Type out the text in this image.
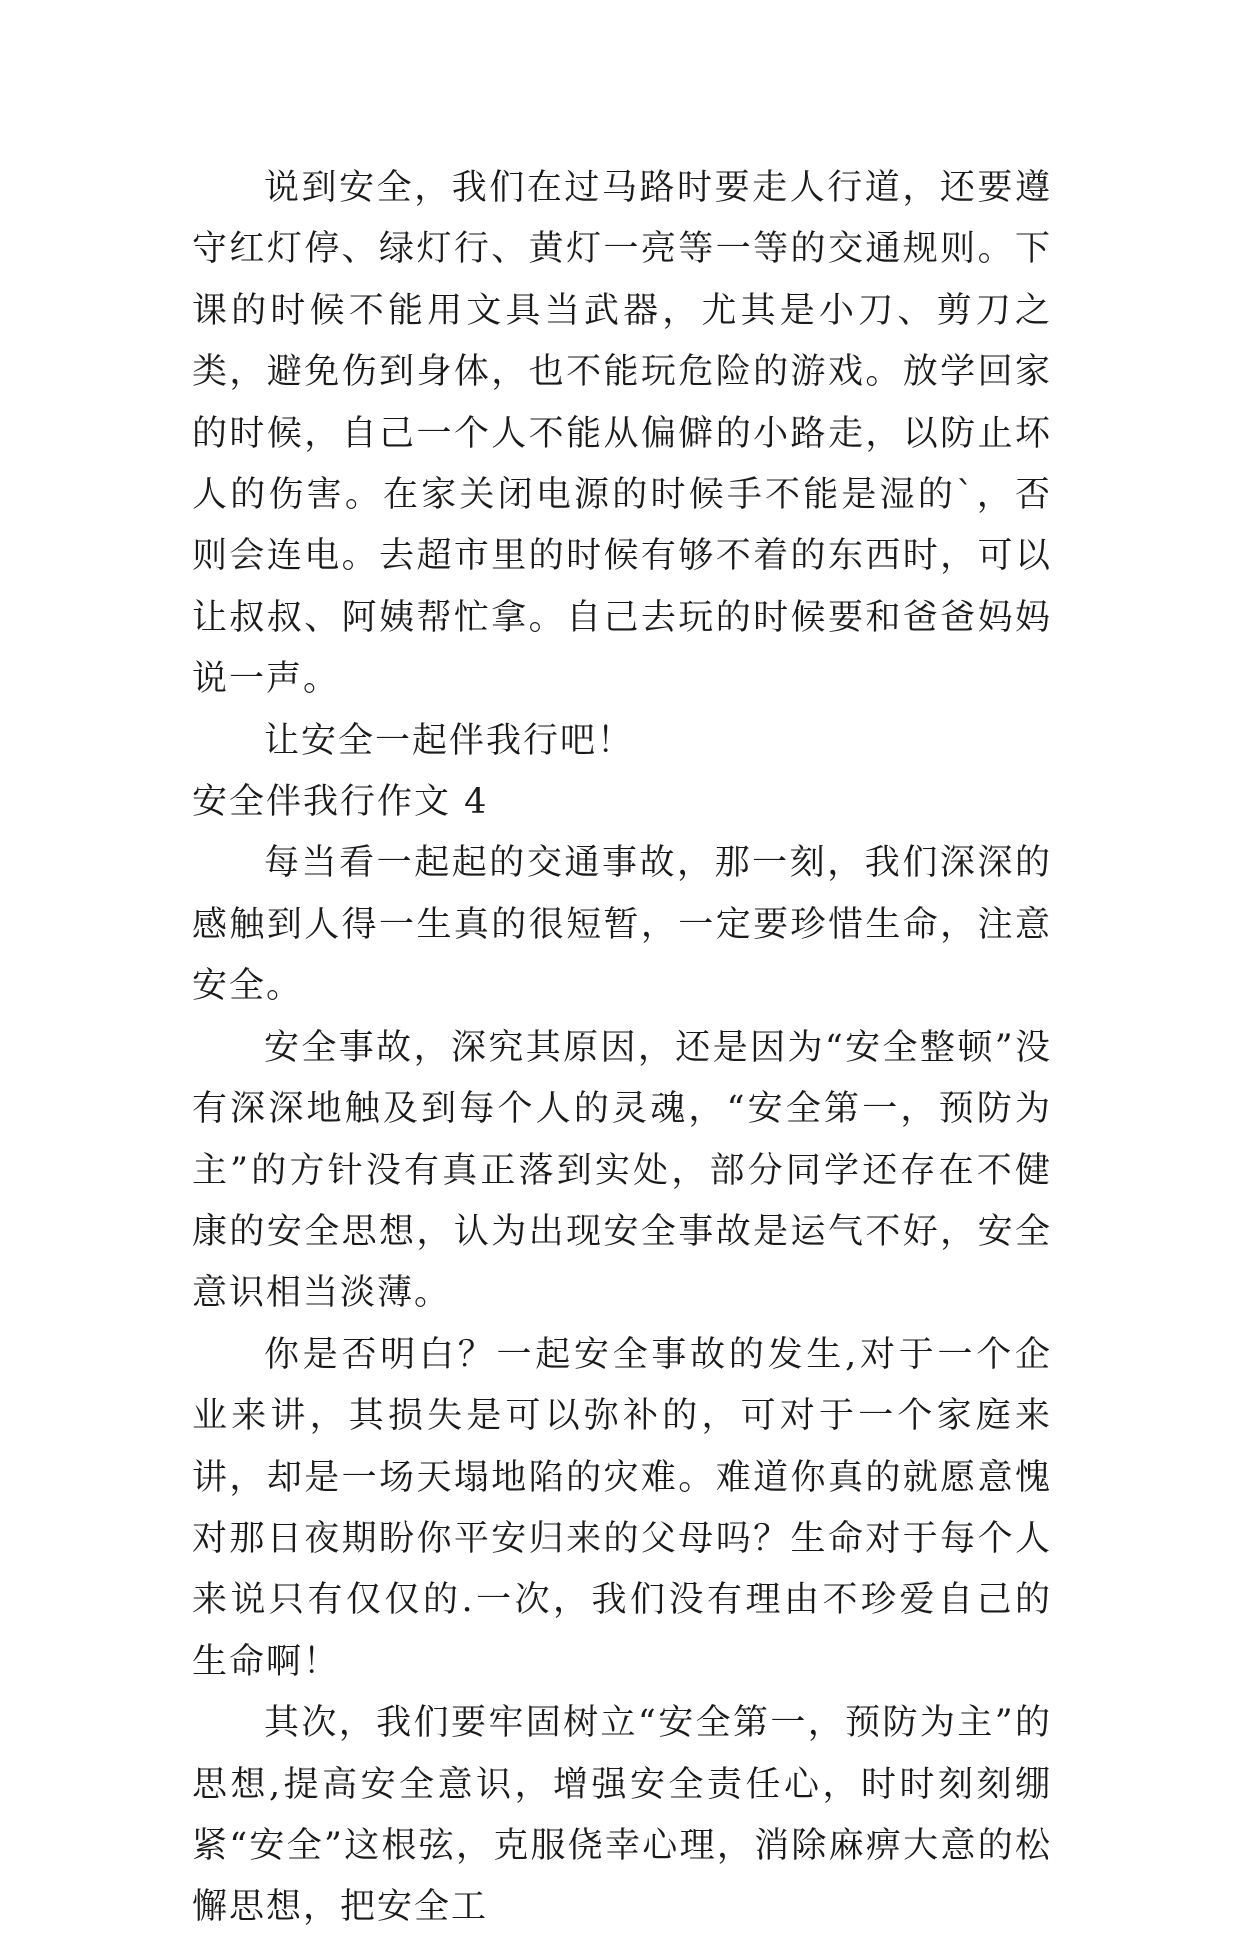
说到安全，我们在过马路时要走人行道，还要遵守红灯停、绿灯行、黄灯一亮等一等的交通规则。下课的时候不能用文具当武器，尤其是小刀、剪刀之类，避免伤到身体，也不能玩危险的游戏。放学回家的时候，自己一个人不能从偏僻的小路走，以防止坏人的伤害。在家关闭电源的时候手不能是湿的`，否则会连电。去超市里的时候有够不着的东西时，可以让叔叔、阿姨帮忙拿。自己去玩的时候要和爸爸妈妈说一声。

让安全一起伴我行吧！

安全伴我行作文 4

每当看一起起的交通事故，那一刻，我们深深的感触到人得一生真的很短暂，一定要珍惜生命，注意安全。

安全事故，深究其原因，还是因为“安全整顿”没有深深地触及到每个人的灵魂，“安全第一，预防为主”的方针没有真正落到实处，部分同学还存在不健康的安全思想，认为出现安全事故是运气不好，安全意识相当淡薄。

你是否明白？一起安全事故的发生,对于一个企业来讲，其损失是可以弥补的，可对于一个家庭来讲，却是一场天塌地陷的灾难。难道你真的就愿意愧对那日夜期盼你平安归来的父母吗？生命对于每个人来说只有仅仅的.一次，我们没有理由不珍爱自己的生命啊！

其次，我们要牢固树立“安全第一，预防为主”的思想,提高安全意识，增强安全责任心，时时刻刻绷紧“安全”这根弦，克服侥幸心理，消除麻痹大意的松懈思想，把安全工
